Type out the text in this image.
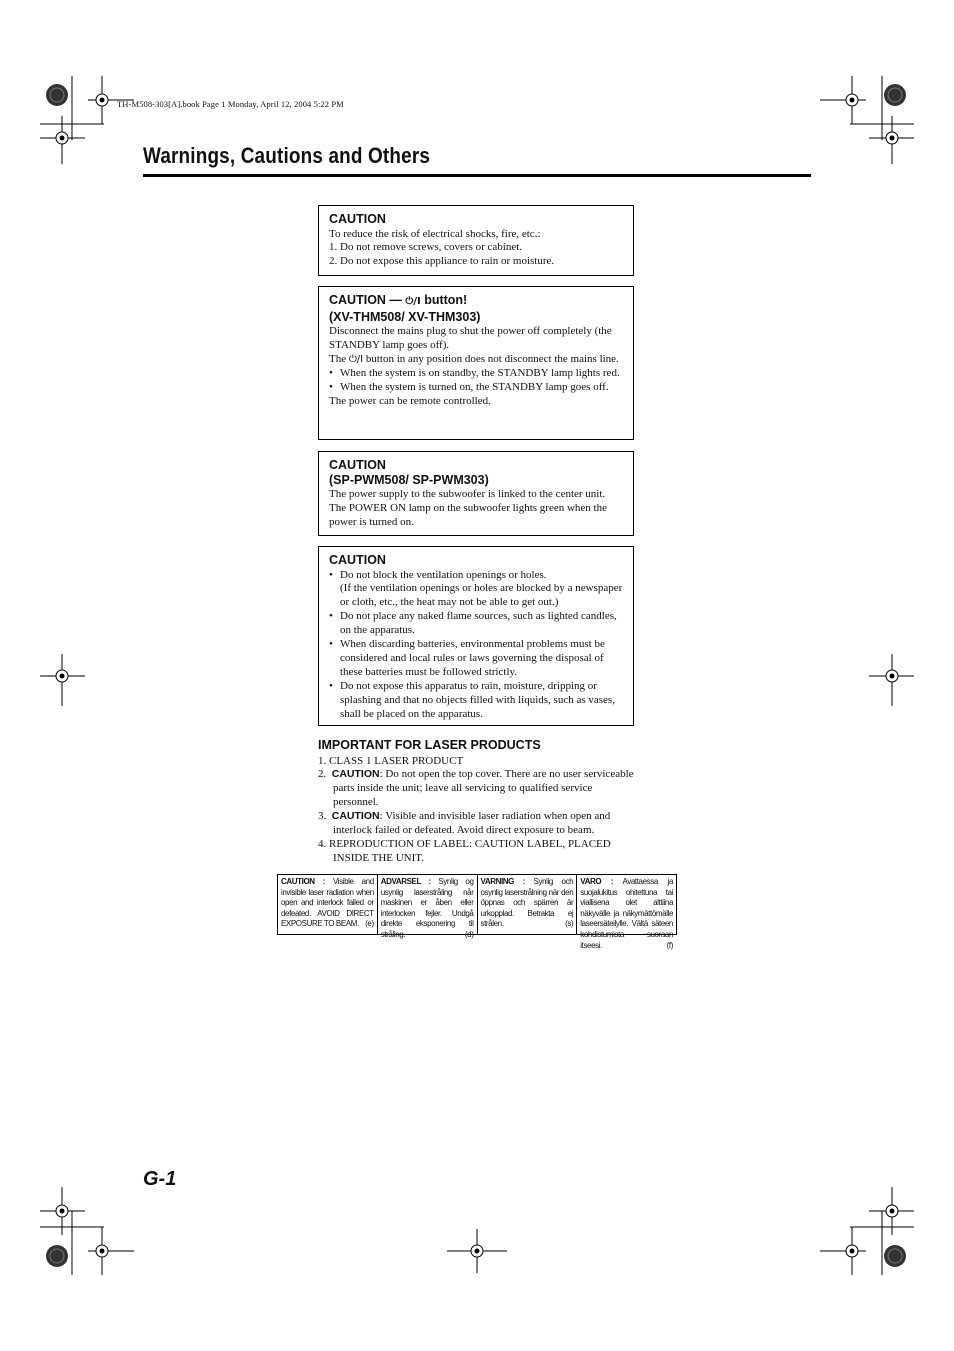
TH-M508-303[A].book Page 1 Monday, April 12, 2004 5:22 PM
Warnings, Cautions and Others
CAUTION
To reduce the risk of electrical shocks, fire, etc.:
1. Do not remove screws, covers or cabinet.
2. Do not expose this appliance to rain or moisture.
CAUTION — ⏻/I button!
(XV-THM508/ XV-THM303)
Disconnect the mains plug to shut the power off completely (the STANDBY lamp goes off).
The ⏻/I button in any position does not disconnect the mains line.
• When the system is on standby, the STANDBY lamp lights red.
• When the system is turned on, the STANDBY lamp goes off.
The power can be remote controlled.
CAUTION
(SP-PWM508/ SP-PWM303)
The power supply to the subwoofer is linked to the center unit.
The POWER ON lamp on the subwoofer lights green when the power is turned on.
CAUTION
• Do not block the ventilation openings or holes.
(If the ventilation openings or holes are blocked by a newspaper or cloth, etc., the heat may not be able to get out.)
• Do not place any naked flame sources, such as lighted candles, on the apparatus.
• When discarding batteries, environmental problems must be considered and local rules or laws governing the disposal of these batteries must be followed strictly.
• Do not expose this apparatus to rain, moisture, dripping or splashing and that no objects filled with liquids, such as vases, shall be placed on the apparatus.
IMPORTANT FOR LASER PRODUCTS
1. CLASS 1 LASER PRODUCT
2. CAUTION: Do not open the top cover. There are no user serviceable parts inside the unit; leave all servicing to qualified service personnel.
3. CAUTION: Visible and invisible laser radiation when open and interlock failed or defeated. Avoid direct exposure to beam.
4. REPRODUCTION OF LABEL: CAUTION LABEL, PLACED INSIDE THE UNIT.
CAUTION : Visible and invisible laser radiation when open and interlock failed or defeated. AVOID DIRECT EXPOSURE TO BEAM. (e)
ADVARSEL : Synlig og usynlig laserstråling når maskinen er åben eller interlocken fejler. Undgå direkte eksponering til stråling.	(d)
VARNING : Synlig och osynlig laserstrålning när den öppnas och spärren är urkopplad. Betrakta ej strålen.	(s)
VARO : Avattaessa ja suojalukitus ohitettuna tai viallisena olet alttiina näkyvälle ja näkymättömälle laseersäteilylle. Vältä säteen kohdistumista suoraan itseesi.	(f)
G-1
